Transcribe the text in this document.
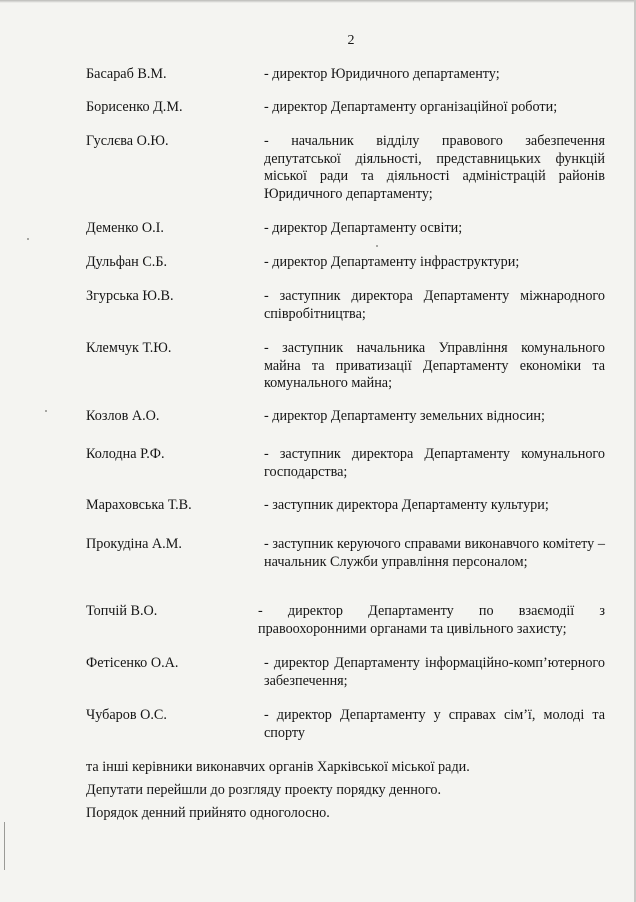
2
Басараб В.М.	- директор Юридичного департаменту;
Борисенко Д.М.	- директор Департаменту організаційної роботи;
Гуслєва О.Ю.	- начальник відділу правового забезпечення депутатської діяльності, представницьких функцій міської ради та діяльності адміністрацій районів Юридичного департаменту;
Деменко О.І.	- директор Департаменту освіти;
Дульфан С.Б.	- директор Департаменту інфраструктури;
Згурська Ю.В.	- заступник директора Департаменту міжнародного співробітництва;
Клемчук Т.Ю.	- заступник начальника Управління комунального майна та приватизації Департаменту економіки та комунального майна;
Козлов А.О.	- директор Департаменту земельних відносин;
Колодна Р.Ф.	- заступник директора Департаменту комунального господарства;
Мараховська Т.В.	- заступник директора Департаменту культури;
Прокудіна А.М.	- заступник керуючого справами виконавчого комітету – начальник Служби управління персоналом;
Топчій В.О.	- директор Департаменту по взаємодії з правоохоронними органами та цивільного захисту;
Фетісенко О.А.	- директор Департаменту інформаційно-комп’ютерного забезпечення;
Чубаров О.С.	- директор Департаменту у справах сім’ї, молоді та спорту
та інші керівники виконавчих органів Харківської міської ради.
Депутати перейшли до розгляду проекту порядку денного.
Порядок денний прийнято одноголосно.
